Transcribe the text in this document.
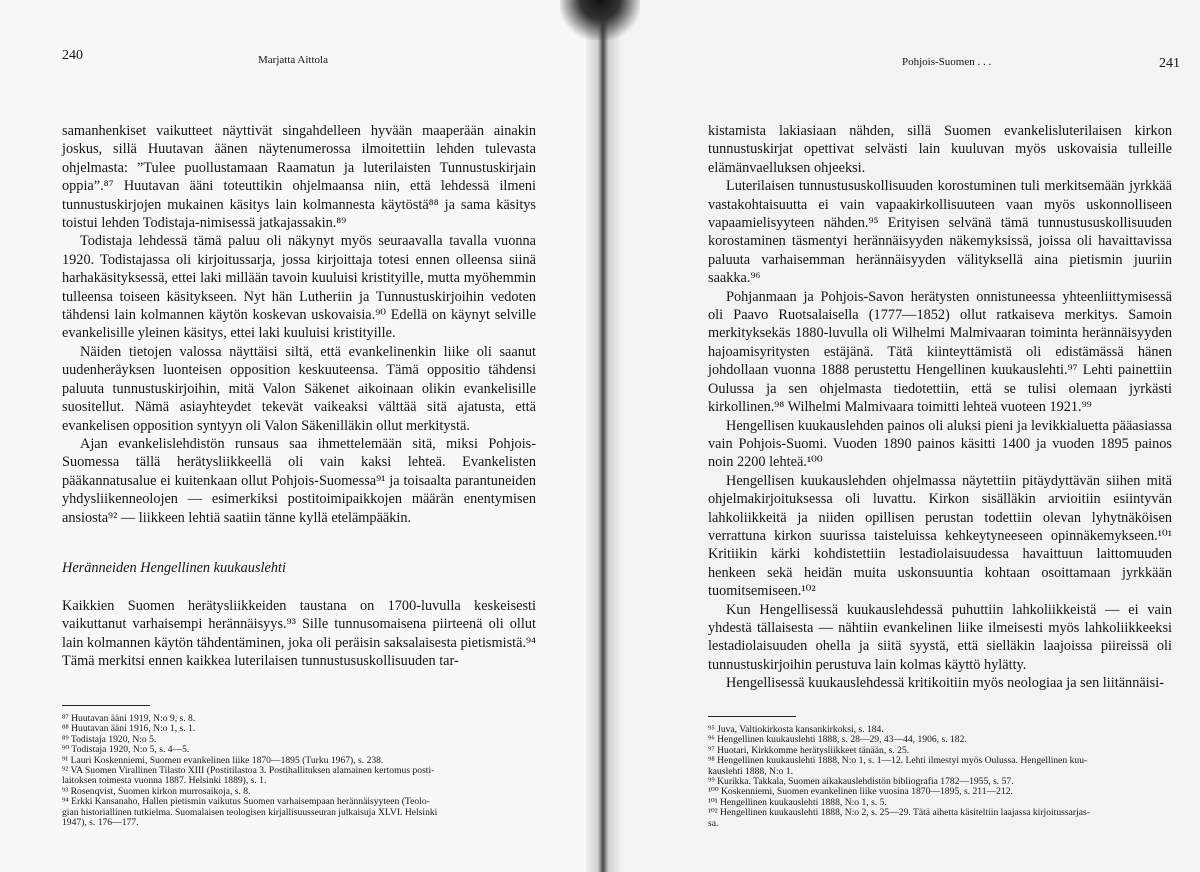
240	Marjatta Aittola

samanhenkiset vaikutteet näyttivät singahdelleen hyvään maaperään ainakin joskus, sillä Huutavan äänen näytenumerossa ilmoitettiin lehden tulevasta ohjelmasta: ”Tulee puollustamaan Raamatun ja luterilaisten Tunnustuskirjain oppia”.⁸⁷ Huutavan ääni toteuttikin ohjelmaansa niin, että lehdessä ilmeni tunnustuskirjojen mukainen käsitys lain kolmannesta käytöstä⁸⁸ ja sama käsitys toistui lehden Todistaja-nimisessä jatkajassakin.⁸⁹

Todistaja lehdessä tämä paluu oli näkynyt myös seuraavalla tavalla vuonna 1920. Todistajassa oli kirjoitussarja, jossa kirjoittaja totesi ennen olleensa siinä harhakäsityksessä, ettei laki millään tavoin kuuluisi kristityille, mutta myöhemmin tulleensa toiseen käsitykseen. Nyt hän Lutheriin ja Tunnustuskirjoihin vedoten tähdensi lain kolmannen käytön koskevan uskovaisia.⁹⁰ Edellä on käynyt selville evankelisille yleinen käsitys, ettei laki kuuluisi kristityille.

Näiden tietojen valossa näyttäisi siltä, että evankelinenkin liike oli saanut uudenheräyksen luonteisen opposition keskuuteensa. Tämä oppositio tähdensi paluuta tunnustuskirjoihin, mitä Valon Säkenet aikoinaan olikin evankelisille suositellut. Nämä asiayhteydet tekevät vaikeaksi välttää sitä ajatusta, että evankelisen opposition syntyyn oli Valon Säkenilläkin ollut merkitystä.

Ajan evankelislehdistön runsaus saa ihmettelemään sitä, miksi Pohjois-Suomessa tällä herätysliikkeellä oli vain kaksi lehteä. Evankelisten pääkannatusalue ei kuitenkaan ollut Pohjois-Suomessa⁹¹ ja toisaalta parantuneiden yhdysliikenneolojen — esimerkiksi postitoimipaikkojen määrän enentymisen ansiosta⁹² — liikkeen lehtiä saatiin tänne kyllä etelämpääkin.

Heränneiden Hengellinen kuukauslehti

Kaikkien Suomen herätysliikkeiden taustana on 1700-luvulla keskeisesti vaikuttanut varhaisempi herännäisyys.⁹³ Sille tunnusomaisena piirteenä oli ollut lain kolmannen käytön tähdentäminen, joka oli peräisin saksalaisesta pietismistä.⁹⁴ Tämä merkitsi ennen kaikkea luterilaisen tunnustususkollisuuden tar-

⁸⁷ Huutavan ääni 1919, N:o 9, s. 8.
⁸⁸ Huutavan ääni 1916, N:o 1, s. 1.
⁸⁹ Todistaja 1920, N:o 5.
⁹⁰ Todistaja 1920, N:o 5, s. 4—5.
⁹¹ Lauri Koskenniemi, Suomen evankelinen liike 1870—1895 (Turku 1967), s. 238.
⁹² VA Suomen Virallinen Tilasto XIII (Postitilastoa 3. Postihallituksen alamainen kertomus posti-
laitoksen toimesta vuonna 1887. Helsinki 1889), s. 1.
⁹³ Rosenqvist, Suomen kirkon murrosaikoja, s. 8.
⁹⁴ Erkki Kansanaho, Hallen pietismin vaikutus Suomen varhaisempaan herännäisyyteen (Teolo-
gian historiallinen tutkielma. Suomalaisen teologisen kirjallisuusseuran julkaisuja XLVI. Helsinki
1947), s. 176—177.
Pohjois-Suomen . . .	241

kistamista lakiasiaan nähden, sillä Suomen evankelisluterilaisen kirkon tunnustuskirjat opettivat selvästi lain kuuluvan myös uskovaisia tulleille elämänvaelluksen ohjeeksi.

Luterilaisen tunnustususkollisuuden korostuminen tuli merkitsemään jyrkkää vastakohtaisuutta ei vain vapaakirkollisuuteen vaan myös uskonnolliseen vapaamielisyyteen nähden.⁹⁵ Erityisen selvänä tämä tunnustususkollisuuden korostaminen täsmentyi herännäisyyden näkemyksissä, joissa oli havaittavissa paluuta varhaisemman herännäisyyden välityksellä aina pietismin juuriin saakka.⁹⁶

Pohjanmaan ja Pohjois-Savon herätysten onnistuneessa yhteenliittymisessä oli Paavo Ruotsalaisella (1777—1852) ollut ratkaiseva merkitys. Samoin merkityksekäs 1880-luvulla oli Wilhelmi Malmivaaran toiminta herännäisyyden hajoamisyritysten estäjänä. Tätä kiinteyttämistä oli edistämässä hänen johdollaan vuonna 1888 perustettu Hengellinen kuukauslehti.⁹⁷ Lehti painettiin Oulussa ja sen ohjelmasta tiedotettiin, että se tulisi olemaan jyrkästi kirkollinen.⁹⁸ Wilhelmi Malmivaara toimitti lehteä vuoteen 1921.⁹⁹

Hengellisen kuukauslehden painos oli aluksi pieni ja levikkialuetta pääasiassa vain Pohjois-Suomi. Vuoden 1890 painos käsitti 1400 ja vuoden 1895 painos noin 2200 lehteä.¹⁰⁰

Hengellisen kuukauslehden ohjelmassa näytettiin pitäydyttävän siihen mitä ohjelmakirjoituksessa oli luvattu. Kirkon sisälläkin arvioitiin esiintyvän lahkoliikkeitä ja niiden opillisen perustan todettiin olevan lyhytnäköisen verrattuna kirkon suurissa taisteluissa kehkeytyneeseen opinnäkemykseen.¹⁰¹ Kritiikin kärki kohdistettiin lestadiolaisuudessa havaittuun laittomuuden henkeen sekä heidän muita uskonsuuntia kohtaan osoittamaan jyrkkään tuomitsemiseen.¹⁰²

Kun Hengellisessä kuukauslehdessä puhuttiin lahkoliikkeistä — ei vain yhdestä tällaisesta — nähtiin evankelinen liike ilmeisesti myös lahkoliikkeeksi lestadiolaisuuden ohella ja siitä syystä, että sielläkin laajoissa piireissä oli tunnustuskirjoihin perustuva lain kolmas käyttö hylätty.

Hengellisessä kuukauslehdessä kritikoitiin myös neologiaa ja sen liitännäisi-

⁹⁵ Juva, Valtiokirkosta kansankirkoksi, s. 184.
⁹⁶ Hengellinen kuukauslehti 1888, s. 28—29, 43—44, 1906, s. 182.
⁹⁷ Huotari, Kirkkomme herätysliikkeet tänään, s. 25.
⁹⁸ Hengellinen kuukauslehti 1888, N:o 1, s. 1—12. Lehti ilmestyi myös Oulussa. Hengellinen kuu-
kauslehti 1888, N:o 1.
⁹⁹ Kurikka. Takkala, Suomen aikakauslehdistön bibliografia 1782—1955, s. 57.
¹⁰⁰ Koskenniemi, Suomen evankelinen liike vuosina 1870—1895, s. 211—212.
¹⁰¹ Hengellinen kuukauslehti 1888, N:o 1, s. 5.
¹⁰² Hengellinen kuukauslehti 1888, N:o 2, s. 25—29. Tätä aihetta käsiteltiin laajassa kirjoitussarjas-
sa.
